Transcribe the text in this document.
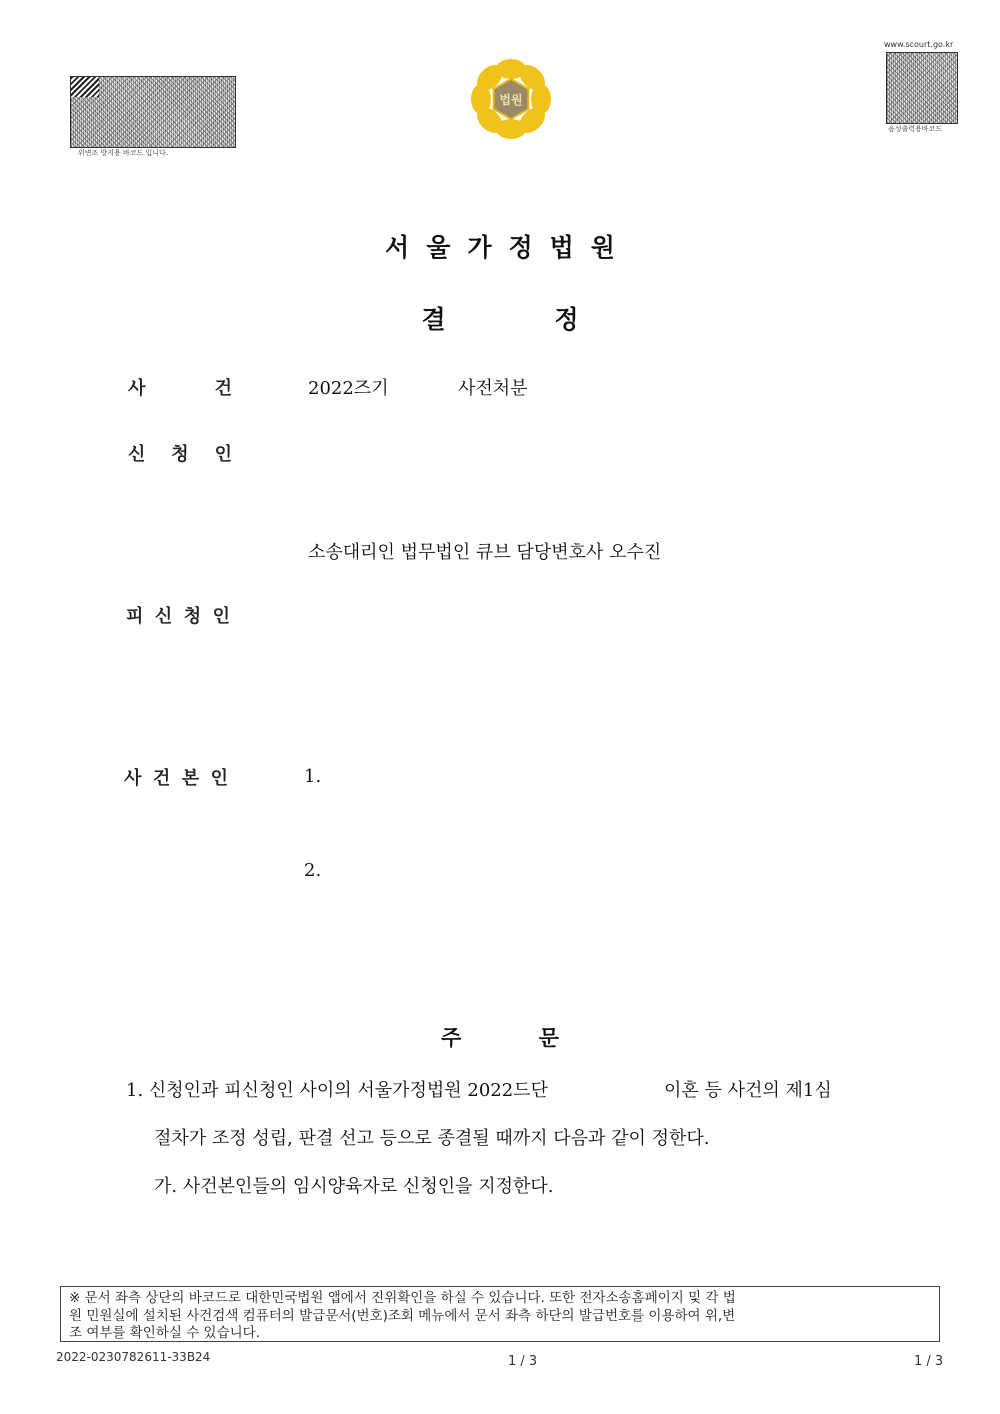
위변조 방지용 바코드 입니다.
www.scourt.go.kr
음성출력용바코드
법원
서울가정법원
결 정
사 건	2022즈기	사전처분
신 청 인
소송대리인 법무법인 큐브 담당변호사 오수진
피 신 청 인
사 건 본 인	1.
2.
주 문
1. 신청인과 피신청인 사이의 서울가정법원 2022드단	이혼 등 사건의 제1심
절차가 조정 성립, 판결 선고 등으로 종결될 때까지 다음과 같이 정한다.
가. 사건본인들의 임시양육자로 신청인을 지정한다.
※ 문서 좌측 상단의 바코드로 대한민국법원 앱에서 진위확인을 하실 수 있습니다. 또한 전자소송홈페이지 및 각 법
원 민원실에 설치된 사건검색 컴퓨터의 발급문서(번호)조회 메뉴에서 문서 좌측 하단의 발급번호를 이용하여 위,변
조 여부를 확인하실 수 있습니다.
2022-0230782611-33B24	1 / 3	1 / 3
